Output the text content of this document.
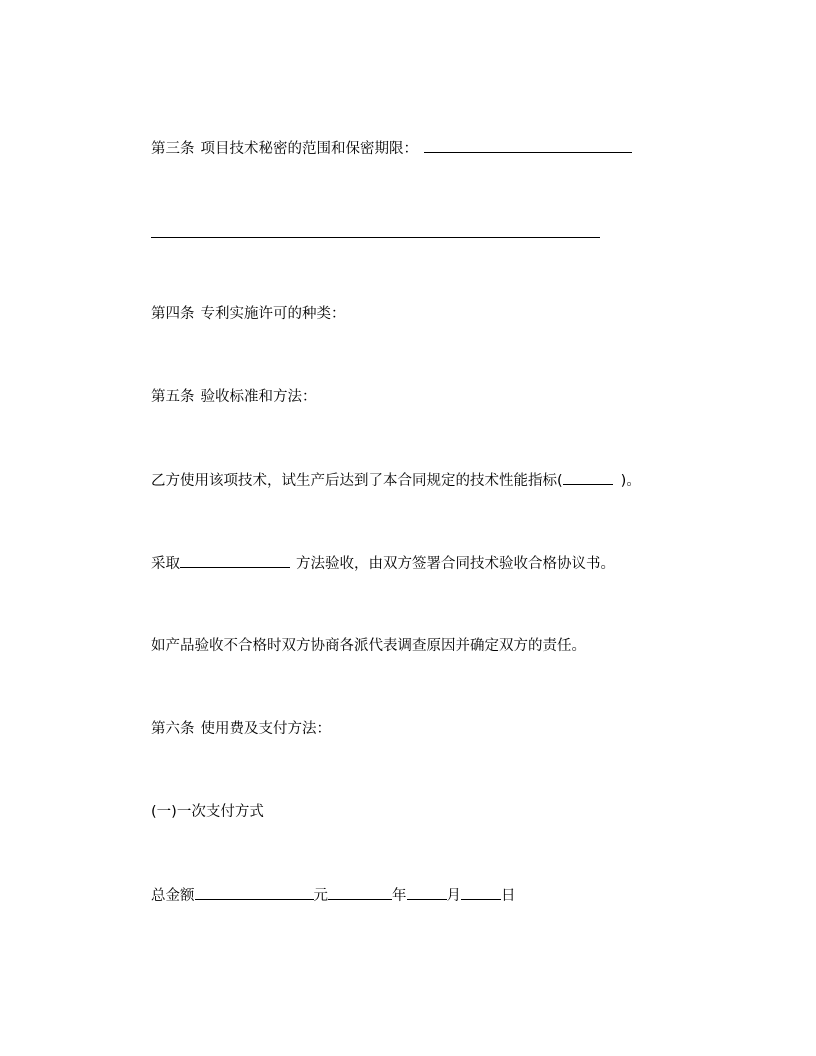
第三条 项目技术秘密的范围和保密期限：
第四条 专利实施许可的种类：
第五条 验收标准和方法：
乙方使用该项技术，试生产后达到了本合同规定的技术性能指标(	)。
采取	方法验收，由双方签署合同技术验收合格协议书。
如产品验收不合格时双方协商各派代表调查原因并确定双方的责任。
第六条 使用费及支付方法：
(一)一次支付方式
总金额	元	年	月	日
